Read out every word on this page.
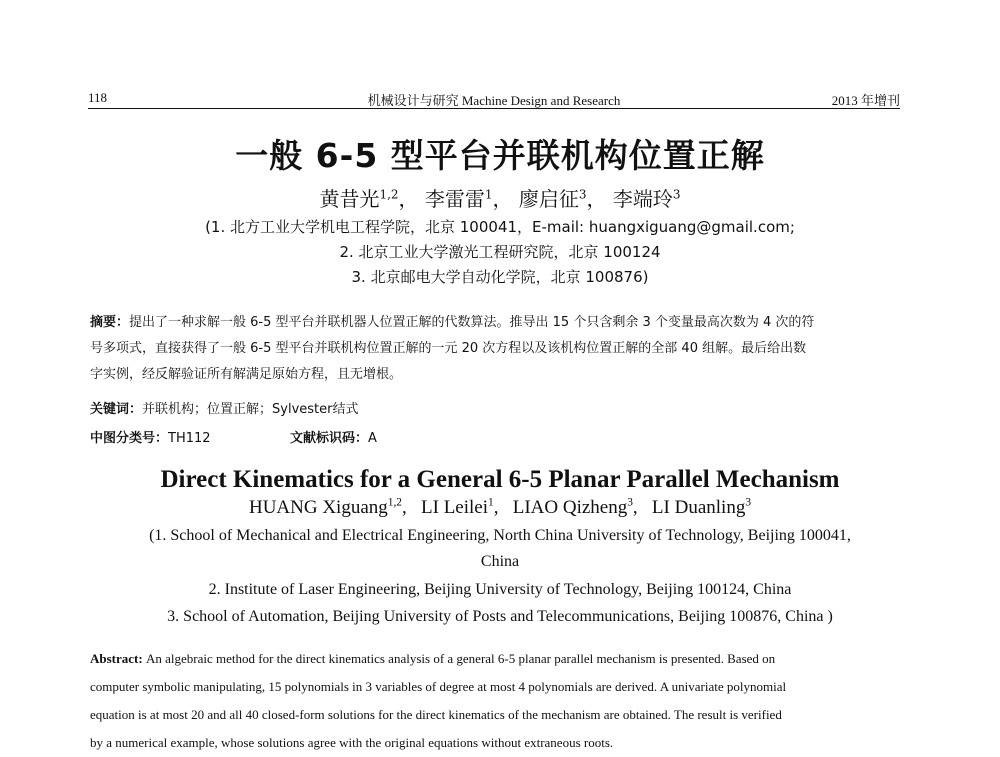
118	机械设计与研究 Machine Design and Research	2013 年增刊
一般 6-5 型平台并联机构位置正解
黄昔光$^{1,2}$， 李雷雷$^1$， 廖启征$^3$， 李端玲$^3$
(1. 北方工业大学机电工程学院，北京 100041，E-mail: huangxiguang@gmail.com;
2. 北京工业大学激光工程研究院，北京 100124
3. 北京邮电大学自动化学院，北京 100876)
摘要：提出了一种求解一般 6-5 型平台并联机器人位置正解的代数算法。推导出 15 个只含剩余 3 个变量最高次数为 4 次的符
号多项式，直接获得了一般 6-5 型平台并联机构位置正解的一元 20 次方程以及该机构位置正解的全部 40 组解。最后给出数
字实例，经反解验证所有解满足原始方程，且无增根。
关键词：并联机构；位置正解；Sylvester结式
中图分类号：TH112	文献标识码：A
Direct Kinematics for a General 6-5 Planar Parallel Mechanism
HUANG Xiguang$^{1,2}$,   LI Leilei$^1$,   LIAO Qizheng$^3$,   LI Duanling$^3$
(1. School of Mechanical and Electrical Engineering, North China University of Technology, Beijing 100041,
China
2. Institute of Laser Engineering, Beijing University of Technology, Beijing 100124, China
3. School of Automation, Beijing University of Posts and Telecommunications, Beijing 100876, China )
Abstract: An algebraic method for the direct kinematics analysis of a general 6-5 planar parallel mechanism is presented. Based on
computer symbolic manipulating, 15 polynomials in 3 variables of degree at most 4 polynomials are derived. A univariate polynomial
equation is at most 20 and all 40 closed-form solutions for the direct kinematics of the mechanism are obtained. The result is verified
by a numerical example, whose solutions agree with the original equations without extraneous roots.
